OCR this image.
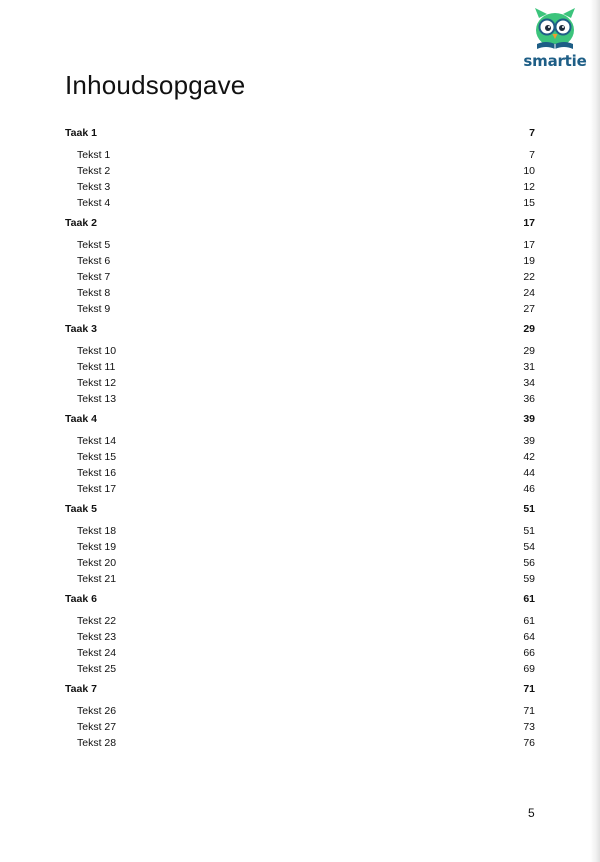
smartie
Inhoudsopgave
Taak 1	7
Tekst 1	7
Tekst 2	10
Tekst 3	12
Tekst 4	15
Taak 2	17
Tekst 5	17
Tekst 6	19
Tekst 7	22
Tekst 8	24
Tekst 9	27
Taak 3	29
Tekst 10	29
Tekst 11	31
Tekst 12	34
Tekst 13	36
Taak 4	39
Tekst 14	39
Tekst 15	42
Tekst 16	44
Tekst 17	46
Taak 5	51
Tekst 18	51
Tekst 19	54
Tekst 20	56
Tekst 21	59
Taak 6	61
Tekst 22	61
Tekst 23	64
Tekst 24	66
Tekst 25	69
Taak 7	71
Tekst 26	71
Tekst 27	73
Tekst 28	76
5
